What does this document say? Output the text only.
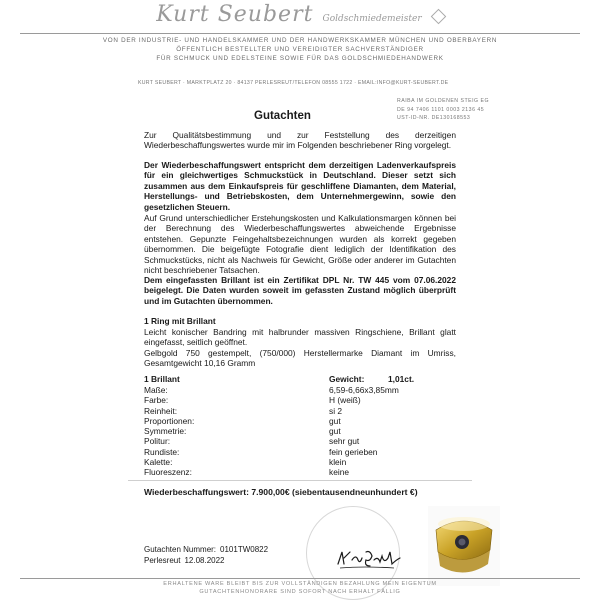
Kurt Seubert Goldschmiedemeister
VON DER INDUSTRIE- UND HANDELSKAMMER UND DER HANDWERKSKAMMER MÜNCHEN UND OBERBAYERN
ÖFFENTLICH BESTELLTER UND VEREIDIGTER SACHVERSTÄNDIGER
FÜR SCHMUCK UND EDELSTEINE SOWIE FÜR DAS GOLDSCHMIEDEHANDWERK
KURT SEUBERT · MARKTPLATZ 20 · 84137 PERLESREUT/TELEFON 08555 1722 · EMAIL:INFO@KURT-SEUBERT.DE
RAIBA IM GOLDENEN STEIG EG
DE 94 7406 1101 0003 2136 45
UST-ID-NR. DE130168553
Gutachten
Zur Qualitätsbestimmung und zur Feststellung des derzeitigen Wiederbeschaffungswertes wurde mir im Folgenden beschriebener Ring vorgelegt.
Der Wiederbeschaffungswert entspricht dem derzeitigen Ladenverkaufspreis für ein gleichwertiges Schmuckstück in Deutschland. Dieser setzt sich zusammen aus dem Einkaufspreis für geschliffene Diamanten, dem Material, Herstellungs- und Betriebskosten, dem Unternehmergewinn, sowie den gesetzlichen Steuern.
Auf Grund unterschiedlicher Erstehungskosten und Kalkulationsmargen können bei der Berechnung des Wiederbeschaffungswertes abweichende Ergebnisse entstehen. Gepunzte Feingehaltsbezeichnungen wurden als korrekt gegeben übernommen. Die beigefügte Fotografie dient lediglich der Identifikation des Schmuckstücks, nicht als Nachweis für Gewicht, Größe oder anderer im Gutachten nicht beschriebener Tatsachen.
Dem eingefassten Brillant ist ein Zertifikat DPL Nr. TW 445 vom 07.06.2022 beigelegt. Die Daten wurden soweit im gefassten Zustand möglich überprüft und im Gutachten übernommen.
1 Ring mit Brillant
Leicht konischer Bandring mit halbrunder massiven Ringschiene, Brillant glatt eingefasst, seitlich geöffnet.
Gelbgold 750 gestempelt, (750/000) Herstellermarke Diamant im Umriss, Gesamtgewicht 10,16 Gramm
1 Brillant	Gewicht:	1,01ct.
Maße:	6,59-6,66x3,85mm
Farbe:	H (weiß)
Reinheit:	si 2
Proportionen:	gut
Symmetrie:	gut
Politur:	sehr gut
Rundiste:	fein gerieben
Kalette:	klein
Fluoreszenz:	keine
Wiederbeschaffungswert: 7.900,00€ (siebentausendneunhundert €)
Gutachten Nummer: 0101TW0822
Perlesreut 12.08.2022
ERHALTENE WARE BLEIBT BIS ZUR VOLLSTÄNDIGEN BEZAHLUNG MEIN EIGENTUM
GUTACHTENHONORARE SIND SOFORT NACH ERHALT FÄLLIG
